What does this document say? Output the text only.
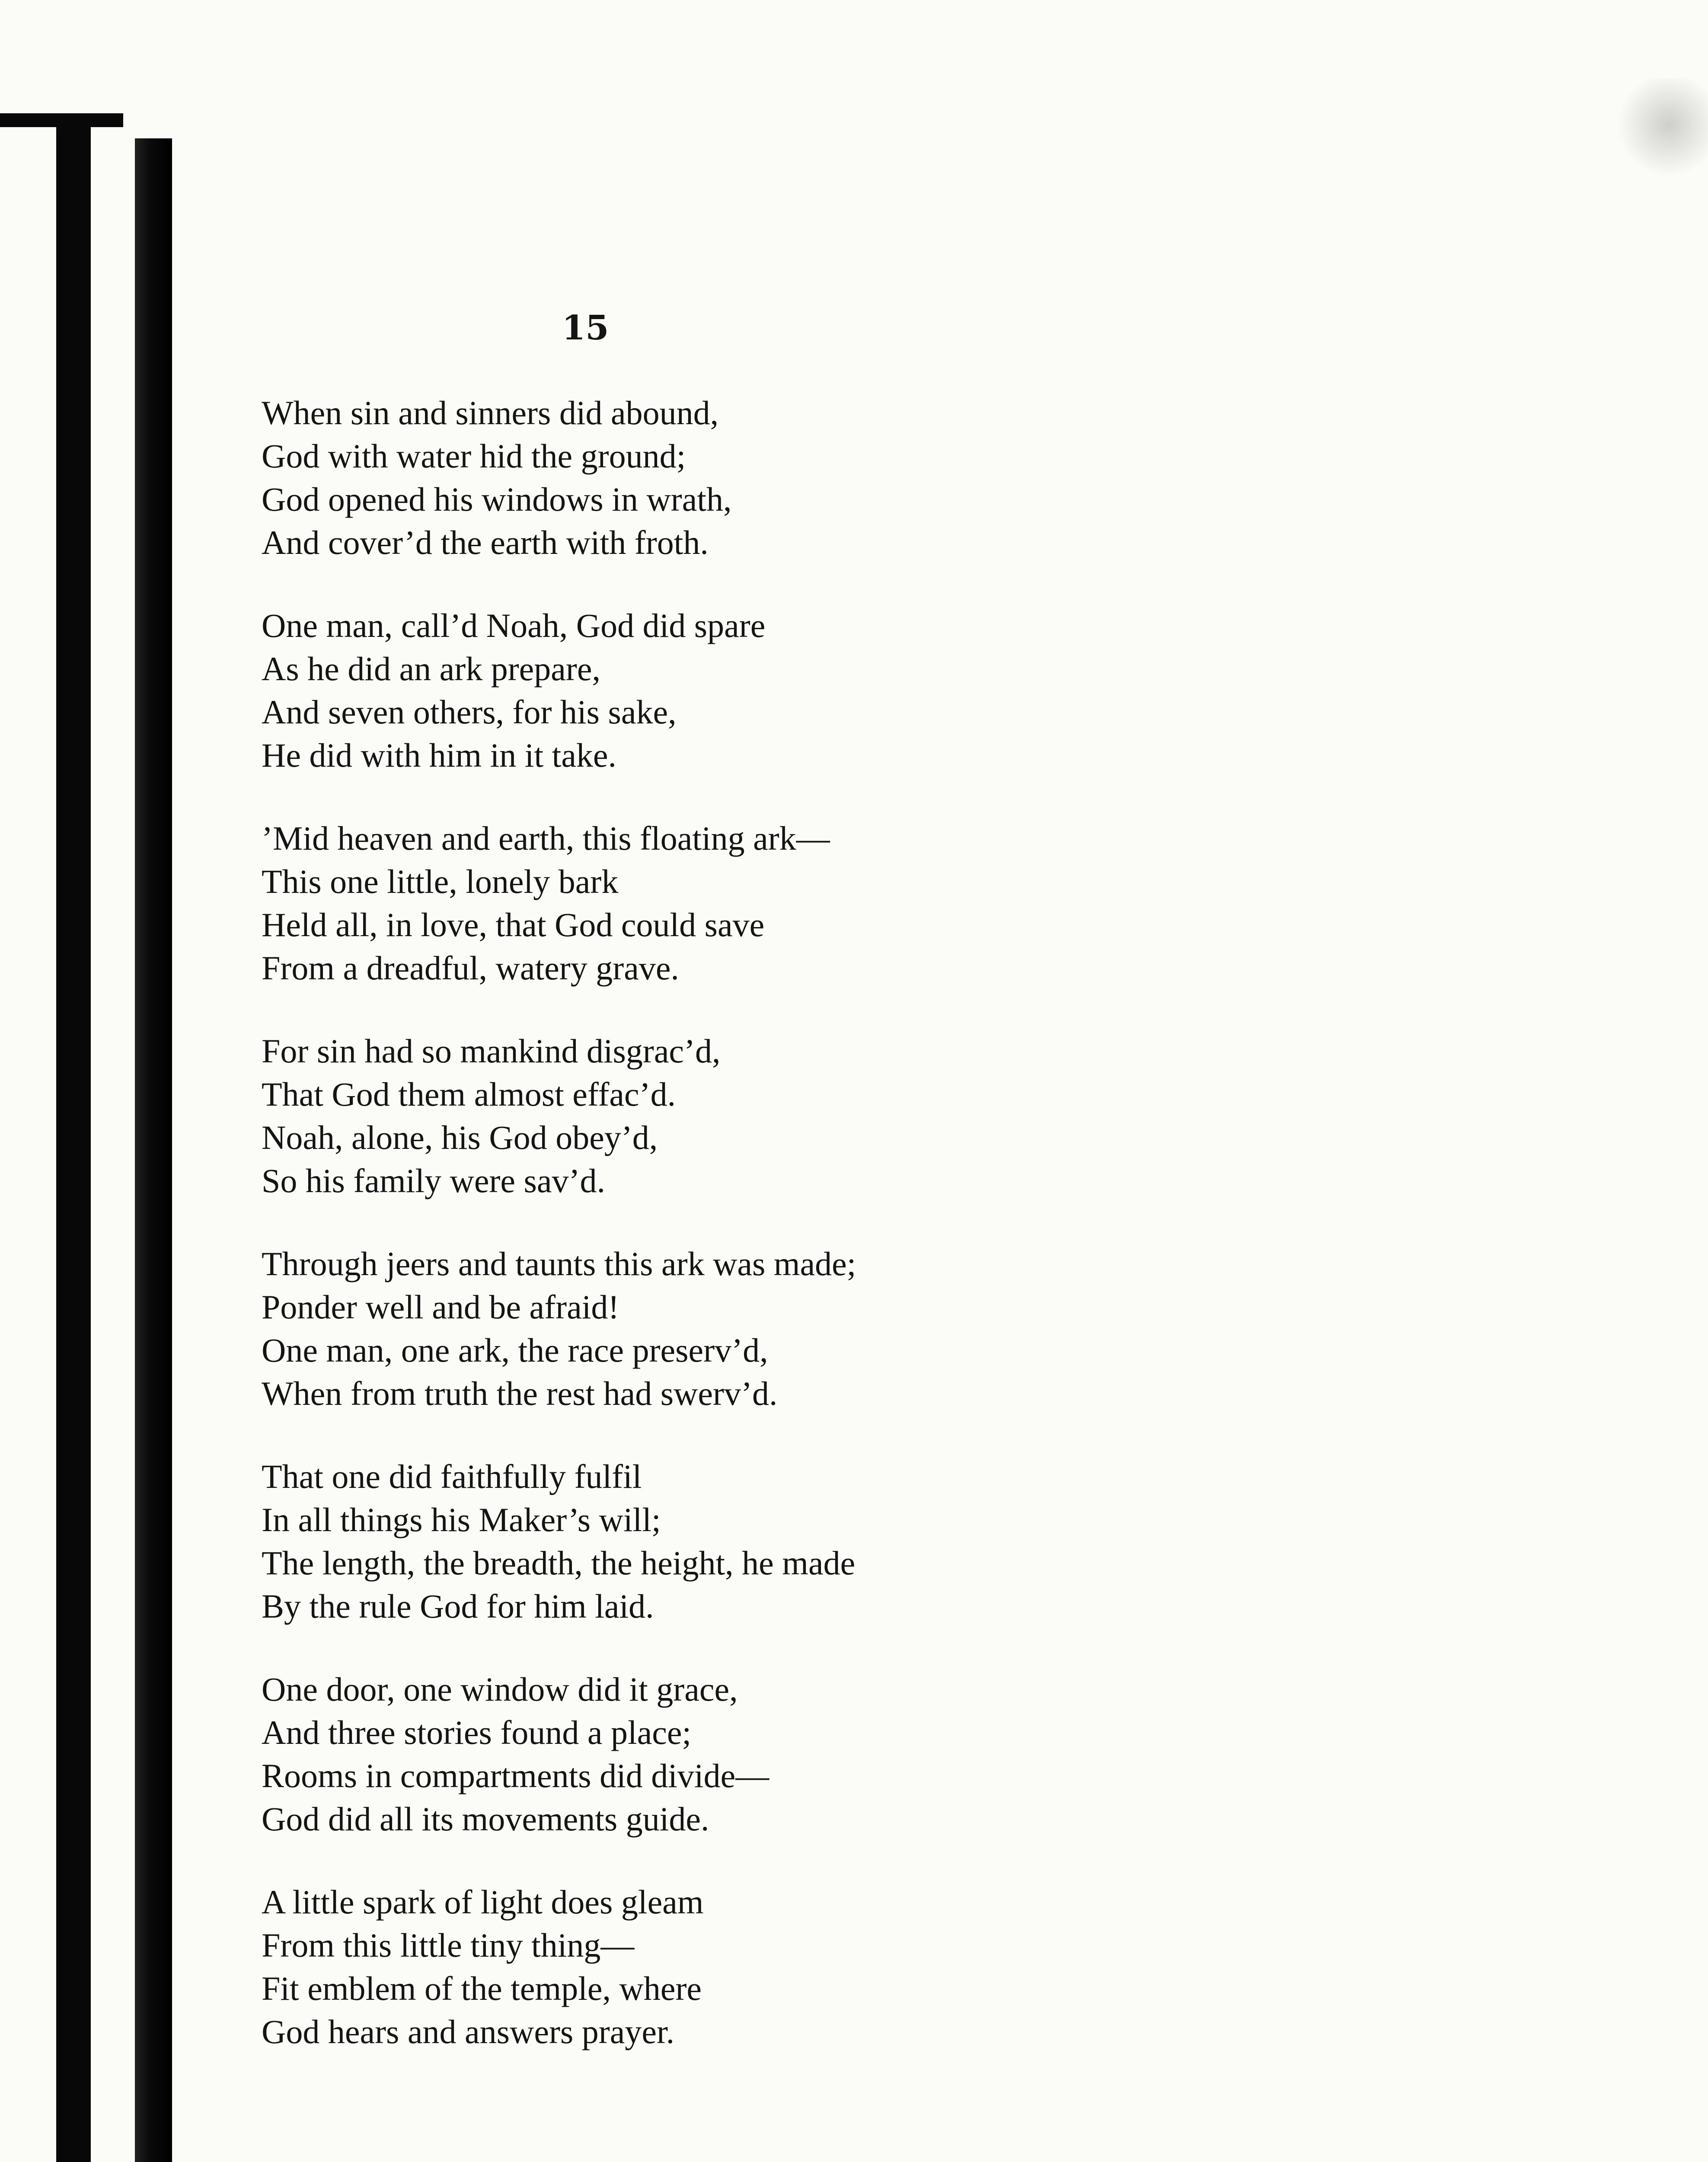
15
When sin and sinners did abound,
God with water hid the ground;
God opened his windows in wrath,
And cover’d the earth with froth.
One man, call’d Noah, God did spare
As he did an ark prepare,
And seven others, for his sake,
He did with him in it take.
’Mid heaven and earth, this floating ark—
This one little, lonely bark
Held all, in love, that God could save
From a dreadful, watery grave.
For sin had so mankind disgrac’d,
That God them almost effac’d.
Noah, alone, his God obey’d,
So his family were sav’d.
Through jeers and taunts this ark was made;
Ponder well and be afraid!
One man, one ark, the race preserv’d,
When from truth the rest had swerv’d.
That one did faithfully fulfil
In all things his Maker’s will;
The length, the breadth, the height, he made
By the rule God for him laid.
One door, one window did it grace,
And three stories found a place;
Rooms in compartments did divide—
God did all its movements guide.
A little spark of light does gleam
From this little tiny thing—
Fit emblem of the temple, where
God hears and answers prayer.
